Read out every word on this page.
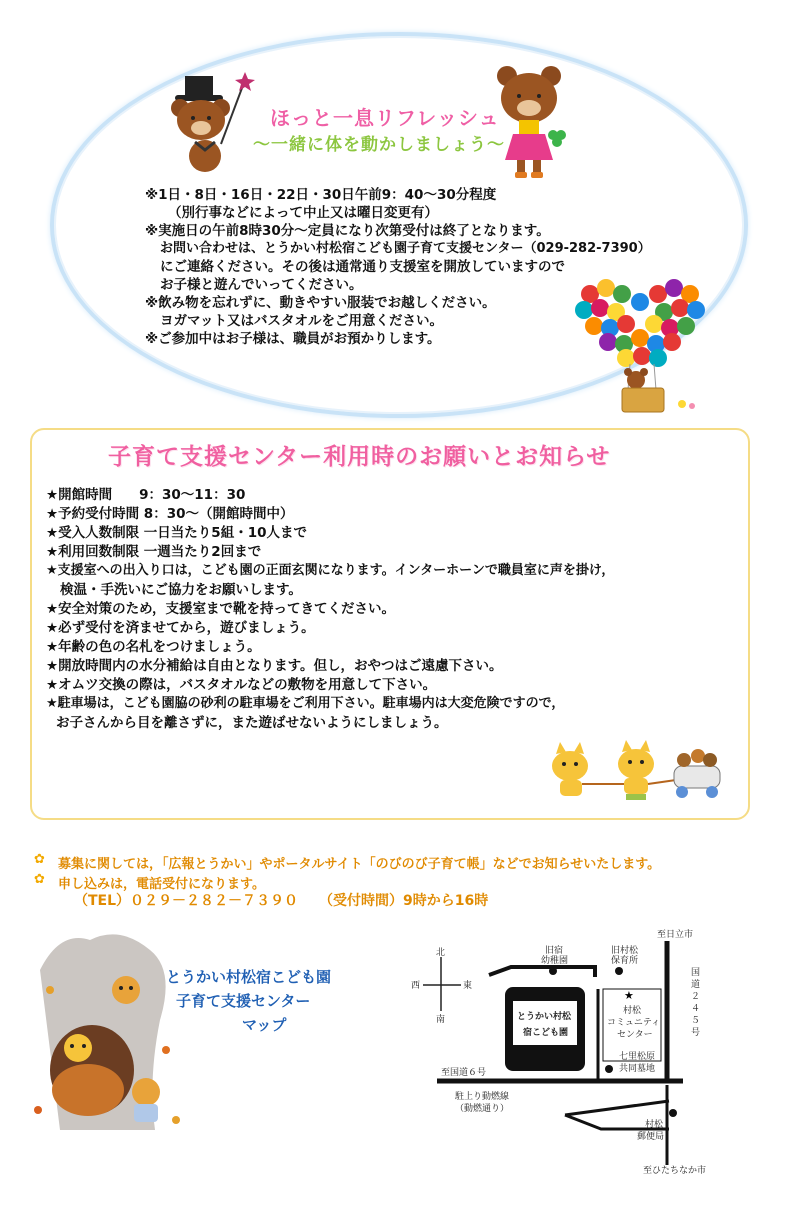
ほっと一息リフレッシュ
～一緒に体を動かしましょう～
※1日・8日・16日・22日・30日午前9：40～30分程度
（別行事などによって中止又は曜日変更有）
※実施日の午前8時30分～定員になり次第受付は終了となります。
お問い合わせは、とうかい村松宿こども園子育て支援センター（029-282-7390）
にご連絡ください。その後は通常通り支援室を開放していますので
お子様と遊んでいってください。
※飲み物を忘れずに、動きやすい服装でお越しください。
ヨガマット又はバスタオルをご用意ください。
※ご参加中はお子様は、職員がお預かりします。
子育て支援センター利用時のお願いとお知らせ
★開館時間　　9：30～11：30
★予約受付時間 8：30～（開館時間中）
★受入人数制限 一日当たり5組・10人まで
★利用回数制限 一週当たり2回まで
★支援室への出入り口は，こども園の正面玄関になります。インターホーンで職員室に声を掛け，
検温・手洗いにご協力をお願いします。
★安全対策のため，支援室まで靴を持ってきてください。
★必ず受付を済ませてから，遊びましょう。
★年齢の色の名札をつけましょう。
★開放時間内の水分補給は自由となります。但し，おやつはご遠慮下さい。
★オムツ交換の際は，バスタオルなどの敷物を用意して下さい。
★駐車場は，こども園脇の砂利の駐車場をご利用下さい。駐車場内は大変危険ですので，
お子さんから目を離さずに，また遊ばせないようにしましょう。
✿ 募集に関しては，「広報とうかい」やポータルサイト「のびのび子育て帳」などでお知らせいたします。
✿ 申し込みは，電話受付になります。
（TEL）０２９－２８２－７３９０　　（受付時間）9時から16時
とうかい村松宿こども園
子育て支援センター
マップ
北
南
東
西
とうかい村松
宿こども園
★
村松
コミュニティ
センター
旧宿
幼稚園
旧村松
保育所
七里松原
共同墓地
村松
郵便局
至日立市
至ひたちなか市
至国道６号
駐上り動燃線
（動燃通り）
国
道
２
４
５
号
